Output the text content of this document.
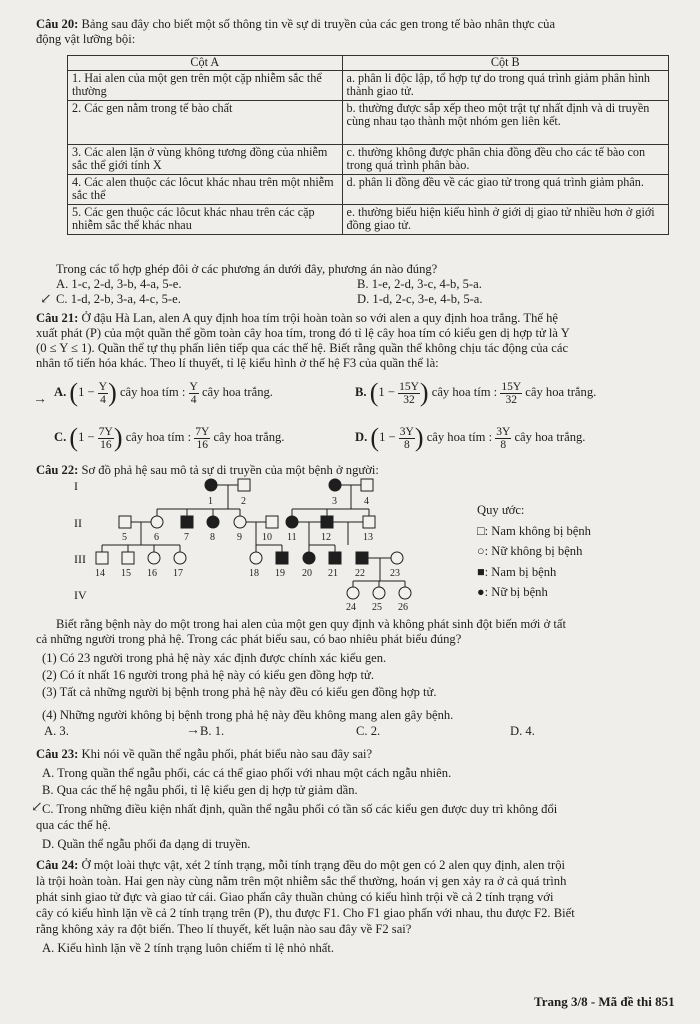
Câu 20: Bảng sau đây cho biết một số thông tin về sự di truyền của các gen trong tế bào nhân thực của
động vật lưỡng bội:
Cột A	Cột B
1. Hai alen của một gen trên một cặp nhiễm sắc thể thường	a. phân li độc lập, tổ hợp tự do trong quá trình giảm phân hình thành giao tử.
2. Các gen nằm trong tế bào chất	b. thường được sắp xếp theo một trật tự nhất định và di truyền cùng nhau tạo thành một nhóm gen liên kết.
3. Các alen lặn ở vùng không tương đồng của nhiễm sắc thể giới tính X	c. thường không được phân chia đồng đều cho các tế bào con trong quá trình phân bào.
4. Các alen thuộc các lôcut khác nhau trên một nhiễm sắc thể	d. phân li đồng đều về các giao tử trong quá trình giảm phân.
5. Các gen thuộc các lôcut khác nhau trên các cặp nhiễm sắc thể khác nhau	e. thường biểu hiện kiểu hình ở giới dị giao tử nhiều hơn ở giới đồng giao tử.
Trong các tổ hợp ghép đôi ở các phương án dưới đây, phương án nào đúng?
A. 1-c, 2-d, 3-b, 4-a, 5-e.	B. 1-e, 2-d, 3-c, 4-b, 5-a.
↙ C. 1-d, 2-b, 3-a, 4-c, 5-e.	D. 1-d, 2-c, 3-e, 4-b, 5-a.
Câu 21: Ở đậu Hà Lan, alen A quy định hoa tím trội hoàn toàn so với alen a quy định hoa trắng. Thế hệ
xuất phát (P) của một quần thể gồm toàn cây hoa tím, trong đó tỉ lệ cây hoa tím có kiểu gen dị hợp tử là Y
(0 ≤ Y ≤ 1). Quần thể tự thụ phấn liên tiếp qua các thế hệ. Biết rằng quần thể không chịu tác động của các
nhân tố tiến hóa khác. Theo lí thuyết, tỉ lệ kiểu hình ở thế hệ F3 của quần thể là:
→
A. ($1 - \frac{Y}{4}$ ) cây hoa tím : $\frac{Y}{4}$ cây hoa trắng.	B. ($1 - \frac{15Y}{32}$ ) cây hoa tím : $\frac{15Y}{32}$ cây hoa trắng.
C. ($1 - \frac{7Y}{16}$ ) cây hoa tím : $\frac{7Y}{16}$ cây hoa trắng.	D. ($1 - \frac{3Y}{8}$ ) cây hoa tím : $\frac{3Y}{8}$ cây hoa trắng.
Câu 22: Sơ đồ phả hệ sau mô tả sự di truyền của một bệnh ở người:
I
II
III
IV
1	2	3	4
5	6	7 8 9 10 11 12	13
14 15 16 17	18 19 20 21 22	23
24 25 26
Quy ước:
□: Nam không bị bệnh
○: Nữ không bị bệnh
■: Nam bị bệnh
●: Nữ bị bệnh
Biết rằng bệnh này do một trong hai alen của một gen quy định và không phát sinh đột biến mới ở tất
cả những người trong phả hệ. Trong các phát biểu sau, có bao nhiêu phát biểu đúng?
(1) Có 23 người trong phả hệ này xác định được chính xác kiểu gen.
(2) Có ít nhất 16 người trong phả hệ này có kiểu gen đồng hợp tử.
(3) Tất cả những người bị bệnh trong phả hệ này đều có kiểu gen đồng hợp tử.
(4) Những người không bị bệnh trong phả hệ này đều không mang alen gây bệnh.
A. 3.	→ B. 1.	C. 2.	D. 4.
Câu 23: Khi nói về quần thể ngẫu phối, phát biểu nào sau đây sai?
A. Trong quần thể ngẫu phối, các cá thể giao phối với nhau một cách ngẫu nhiên.
B. Qua các thế hệ ngẫu phối, tỉ lệ kiểu gen dị hợp tử giảm dần.
↙ C. Trong những điều kiện nhất định, quần thể ngẫu phối có tần số các kiểu gen được duy trì không đổi
qua các thế hệ.
D. Quần thể ngẫu phối đa dạng di truyền.
Câu 24: Ở một loài thực vật, xét 2 tính trạng, mỗi tính trạng đều do một gen có 2 alen quy định, alen trội
là trội hoàn toàn. Hai gen này cùng nằm trên một nhiễm sắc thể thường, hoán vị gen xảy ra ở cả quá trình
phát sinh giao tử đực và giao tử cái. Giao phấn cây thuần chủng có kiểu hình trội về cả 2 tính trạng với
cây có kiểu hình lặn về cả 2 tính trạng trên (P), thu được F1. Cho F1 giao phấn với nhau, thu được F2. Biết
rằng không xảy ra đột biến. Theo lí thuyết, kết luận nào sau đây về F2 sai?
A. Kiểu hình lặn về 2 tính trạng luôn chiếm tỉ lệ nhỏ nhất.
Trang 3/8 - Mã đề thi 851
